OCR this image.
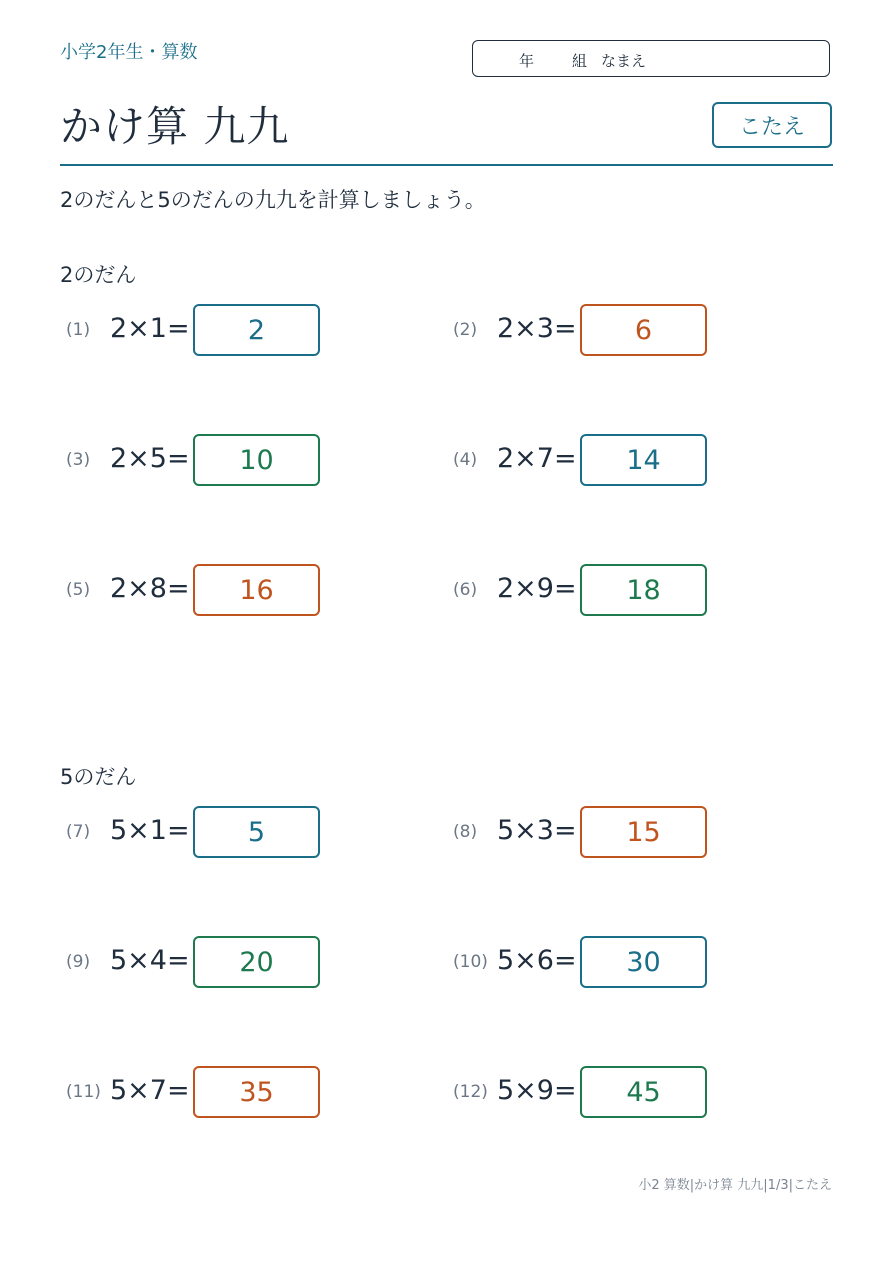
小学2年生・算数	年	組 なまえ
かけ算 九九	こたえ
2のだんと5のだんの九九を計算しましょう。
2のだん
(1) 2×1=	2	(2) 2×3=	6
(3) 2×5=	10	(4) 2×7=	14
(5) 2×8=	16	(6) 2×9=	18
5のだん
(7) 5×1=	5	(8) 5×3=	15
(9) 5×4=	20	(10) 5×6=	30
(11) 5×7=	35	(12) 5×9=	45
小2 算数|かけ算 九九|1/3|こたえ
